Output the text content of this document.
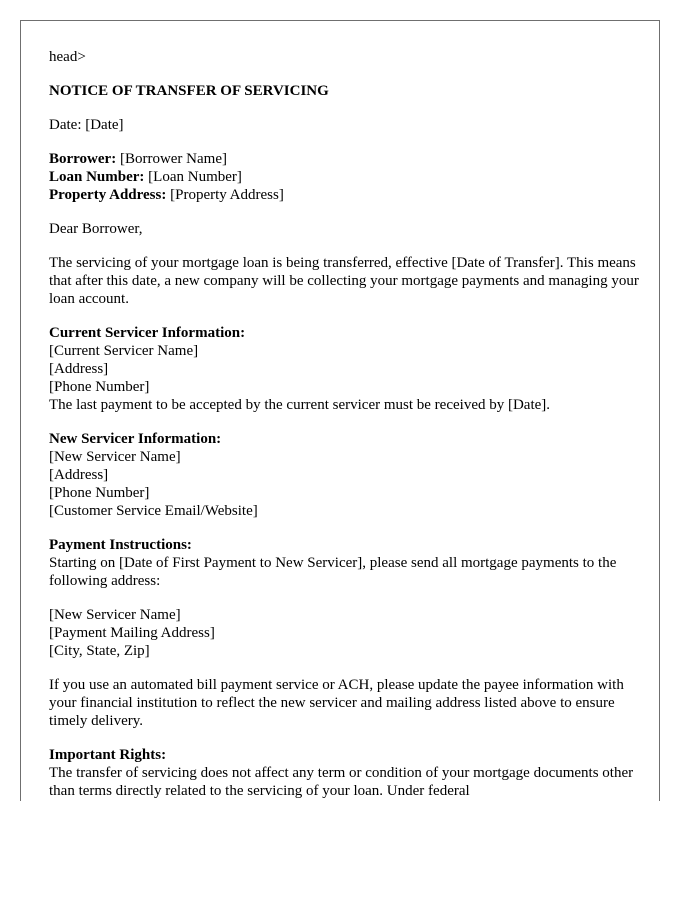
head>

NOTICE OF TRANSFER OF SERVICING

Date: [Date]

Borrower: [Borrower Name]

Loan Number: [Loan Number]

Property Address: [Property Address]

Dear Borrower,

The servicing of your mortgage loan is being transferred, effective [Date of Transfer]. This means that after this date, a new company will be collecting your mortgage payments and managing your loan account.

Current Servicer Information:

[Current Servicer Name]

[Address]

[Phone Number]

The last payment to be accepted by the current servicer must be received by [Date].

New Servicer Information:

[New Servicer Name]

[Address]

[Phone Number]

[Customer Service Email/Website]

Payment Instructions:

Starting on [Date of First Payment to New Servicer], please send all mortgage payments to the following address:

[New Servicer Name]

[Payment Mailing Address]

[City, State, Zip]

If you use an automated bill payment service or ACH, please update the payee information with your financial institution to reflect the new servicer and mailing address listed above to ensure timely delivery.

Important Rights:

The transfer of servicing does not affect any term or condition of your mortgage documents other than terms directly related to the servicing of your loan. Under federal
